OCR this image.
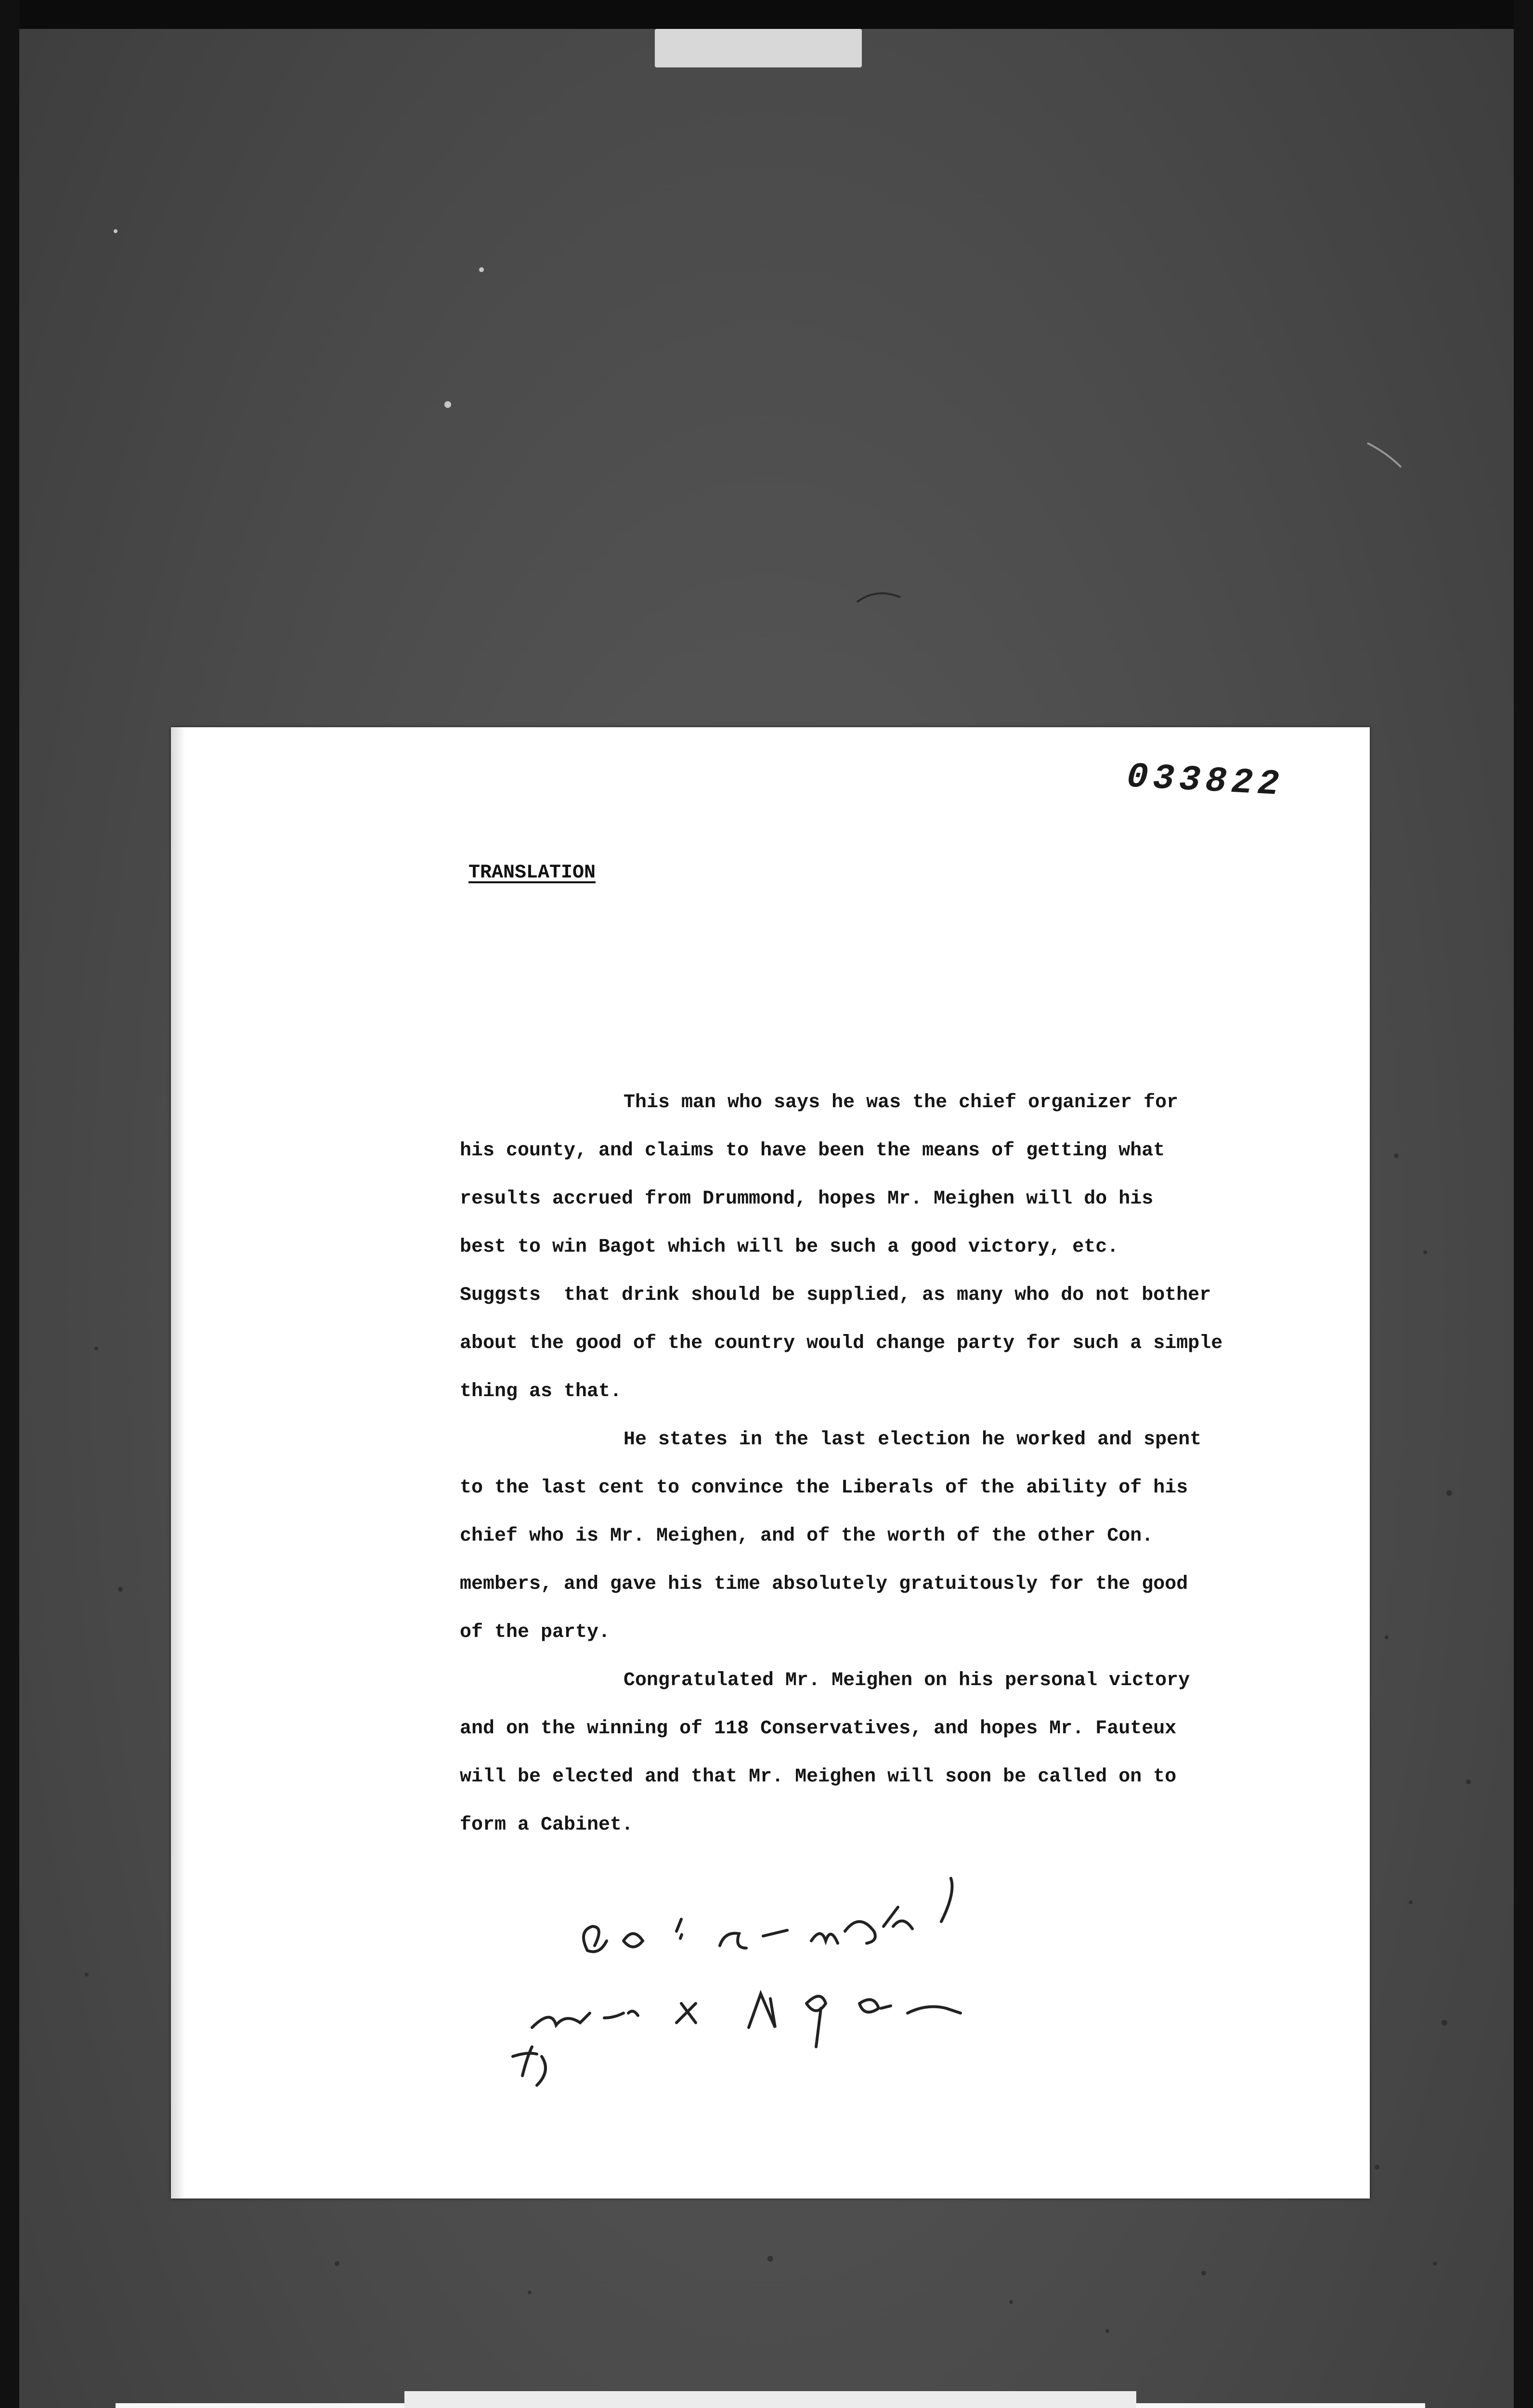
033822
TRANSLATION

This man who says he was the chief organizer for
his county, and claims to have been the means of getting what
results accrued from Drummond, hopes Mr. Meighen will do his
best to win Bagot which will be such a good victory, etc.
Suggsts  that drink should be supplied, as many who do not bother
about the good of the country would change party for such a simple
thing as that.

He states in the last election he worked and spent
to the last cent to convince the Liberals of the ability of his
chief who is Mr. Meighen, and of the worth of the other Con.
members, and gave his time absolutely gratuitously for the good
of the party.

Congratulated Mr. Meighen on his personal victory
and on the winning of 118 Conservatives, and hopes Mr. Fauteux
will be elected and that Mr. Meighen will soon be called on to
form a Cabinet.
